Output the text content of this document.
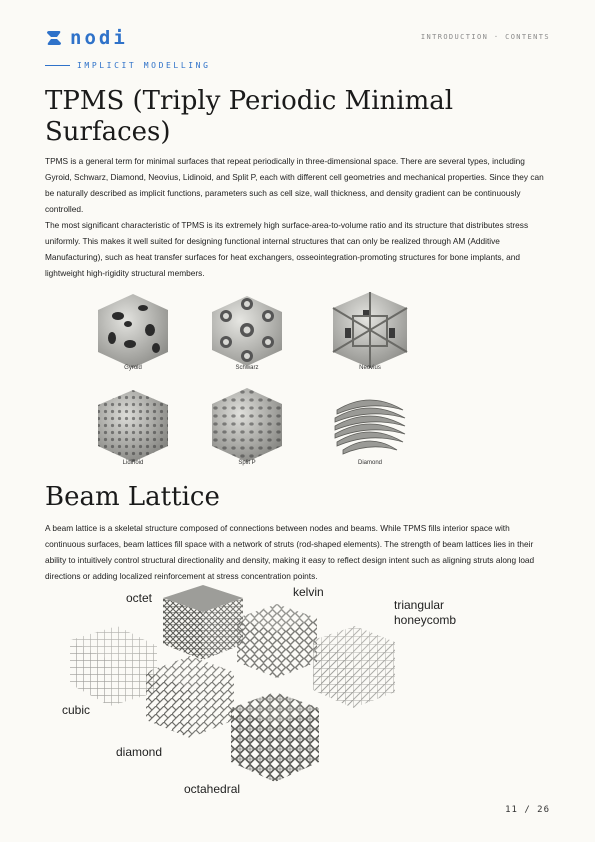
nodi	INTRODUCTION · CONTENTS
IMPLICIT MODELLING
TPMS (Triply Periodic Minimal Surfaces)

TPMS is a general term for minimal surfaces that repeat periodically in three-dimensional space. There are several types, including Gyroid, Schwarz, Diamond, Neovius, Lidinoid, and Split P, each with different cell geometries and mechanical properties. Since they can be naturally described as implicit functions, parameters such as cell size, wall thickness, and density gradient can be continuously controlled.

The most significant characteristic of TPMS is its extremely high surface-area-to-volume ratio and its structure that distributes stress uniformly. This makes it well suited for designing functional internal structures that can only be realized through AM (Additive Manufacturing), such as heat transfer surfaces for heat exchangers, osseointegration-promoting structures for bone implants, and lightweight high-rigidity structural members.

Gyroid	Schwarz	Neovius
Lidinoid	Split P	Diamond
Beam Lattice

A beam lattice is a skeletal structure composed of connections between nodes and beams. While TPMS fills interior space with continuous surfaces, beam lattices fill space with a network of struts (rod-shaped elements). The strength of beam lattices lies in their ability to intuitively control structural directionality and density, making it easy to reflect design intent such as aligning struts along load directions or adding localized reinforcement at stress concentration points.

octet	kelvin
triangular
honeycomb
cubic
diamond
octahedral
11 / 26
